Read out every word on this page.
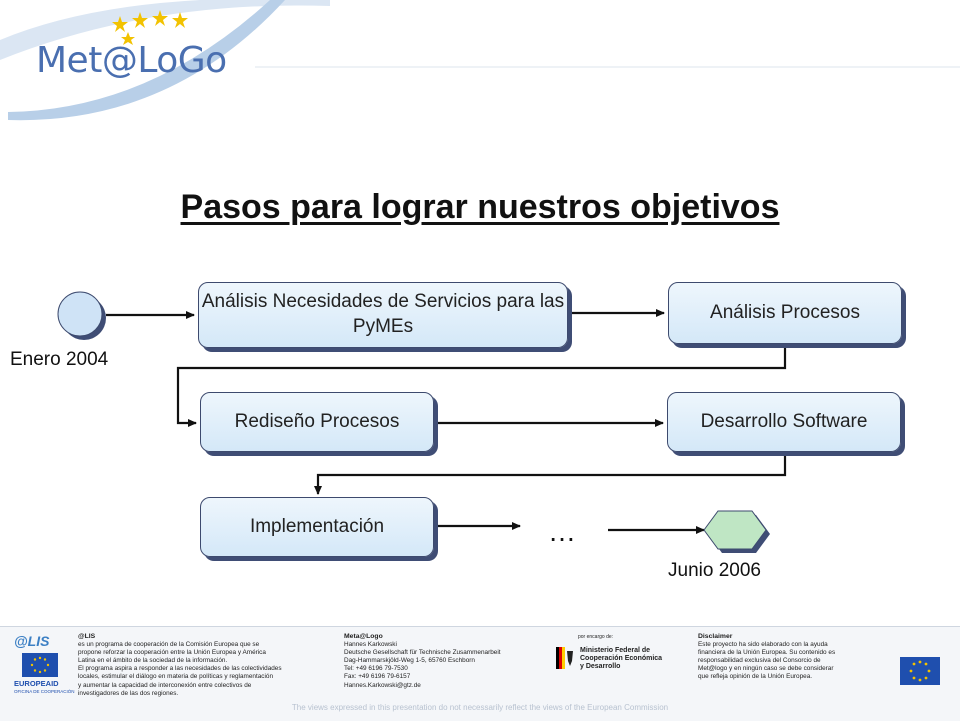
Met@LoGo
Pasos para lograr nuestros objetivos
Análisis Necesidades de Servicios para las PyMEs
Análisis Procesos
Rediseño Procesos	Desarrollo Software
Implementación
Enero 2004
Junio 2006
…
@LIS
EUROPEAID
OFICINA DE COOPERACIÓN
@LIS
es un programa de cooperación de la Comisión Europea que se
propone reforzar la cooperación entre la Unión Europea y América
Latina en el ámbito de la sociedad de la información.
El programa aspira a responder a las necesidades de las colectividades
locales, estimular el diálogo en materia de políticas y reglamentación
y aumentar la capacidad de interconexión entre colectivos de
investigadores de las dos regiones.
Meta@Logo
Hannes Karkowski
Deutsche Gesellschaft für Technische Zusammenarbeit
Dag-Hammarskjöld-Weg 1-5, 65760 Eschborn
Tel: +49 6196 79-7530
Fax: +49 6196 79-6157
Hannes.Karkowski@gtz.de
por encargo de:
Ministerio Federal de
Cooperación Económica
y Desarrollo
Disclaimer
Este proyecto ha sido elaborado con la ayuda
financiera de la Unión Europea. Su contenido es
responsabilidad exclusiva del Consorcio de
Met@logo y en ningún caso se debe considerar
que refleja opinión de la Unión Europea.
The views expressed in this presentation do not necessarily reflect the views of the European Commission
